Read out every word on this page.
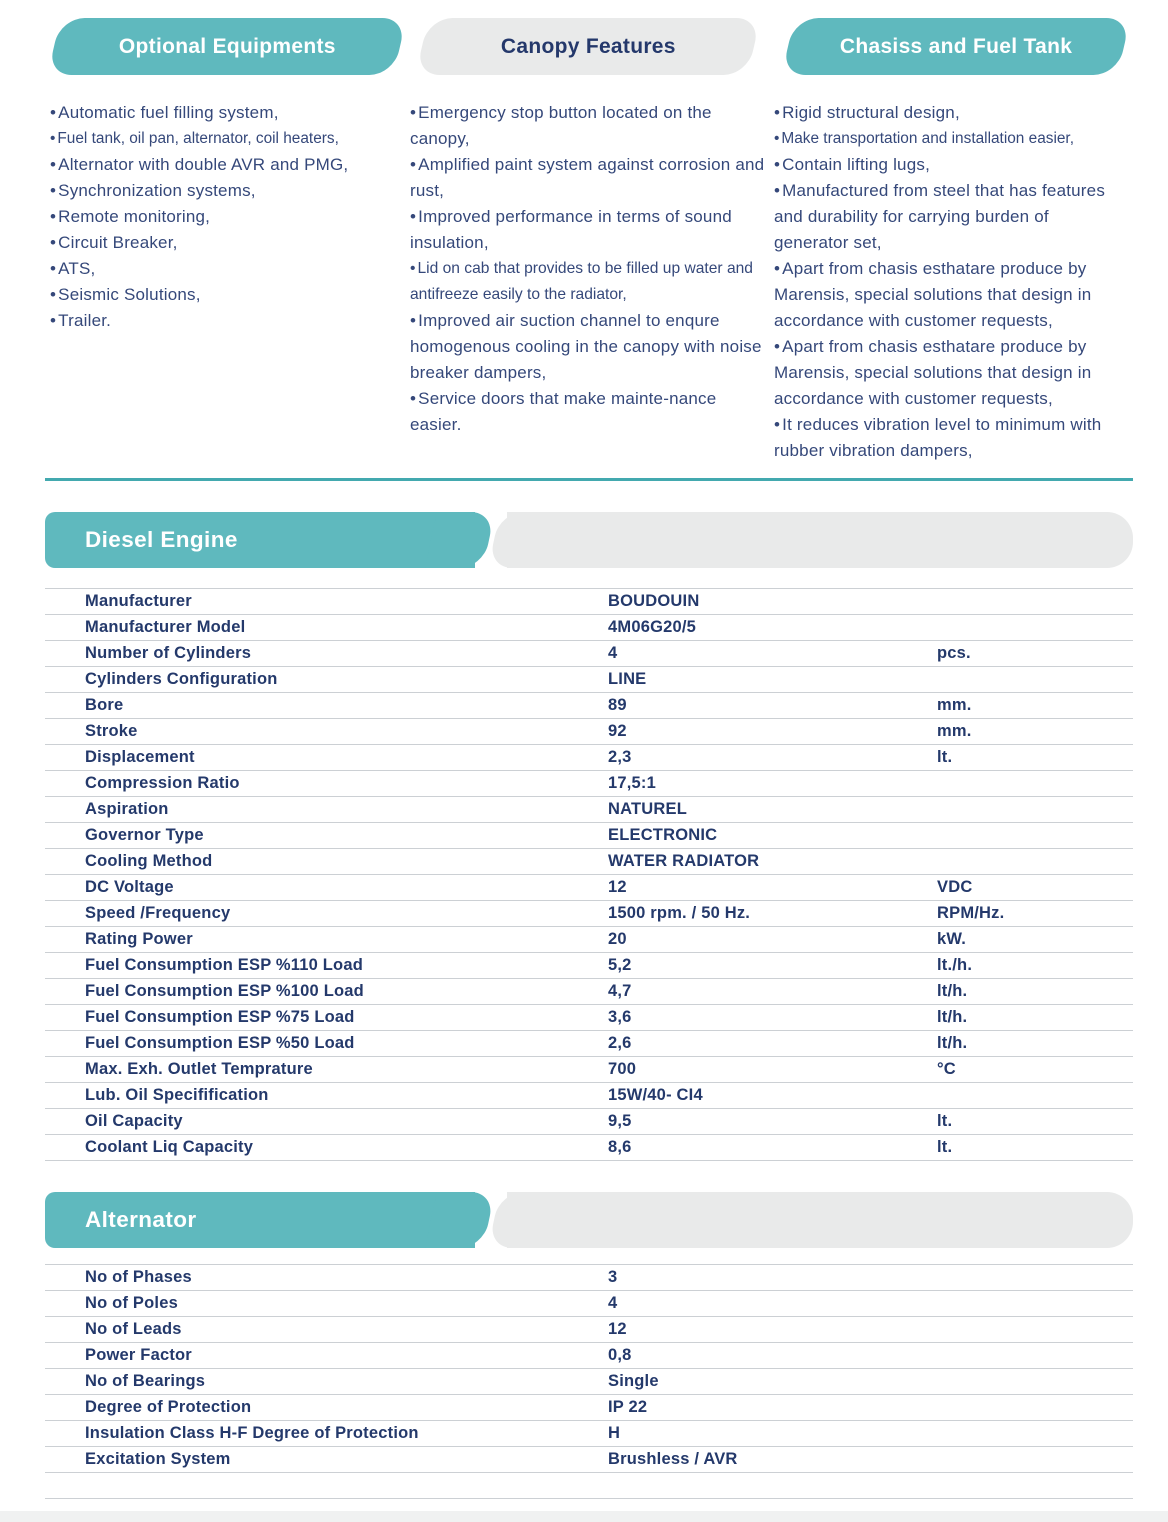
Optional Equipments
• Automatic fuel filling system,
• Fuel tank, oil pan, alternator, coil heaters,
• Alternator with double AVR and PMG,
• Synchronization systems,
• Remote monitoring,
• Circuit Breaker,
• ATS,
• Seismic Solutions,
• Trailer.
Canopy Features
• Emergency stop button located on the canopy,
• Amplified paint system against corrosion and rust,
• Improved performance in terms of sound insulation,
• Lid on cab that provides to be filled up water and antifreeze easily to the radiator,
• Improved air suction channel to enqure homogenous cooling in the canopy with noise breaker dampers,
• Service doors that make mainte-nance easier.
Chasiss and Fuel Tank
• Rigid structural design,
• Make transportation and installation easier,
• Contain lifting lugs,
• Manufactured from steel that has features and durability for carrying burden of generator set,
• Apart from chasis esthatare produce by Marensis, special solutions that design in accordance with customer requests,
• Apart from chasis esthatare produce by Marensis, special solutions that design in accordance with customer requests,
• It reduces vibration level to minimum with rubber vibration dampers,
Diesel Engine
Manufacturer	BOUDOUIN
Manufacturer Model	4M06G20/5
Number of Cylinders	4	pcs.
Cylinders Configuration	LINE
Bore	89	mm.
Stroke	92	mm.
Displacement	2,3	lt.
Compression Ratio	17,5:1
Aspiration	NATUREL
Governor Type	ELECTRONIC
Cooling Method	WATER RADIATOR
DC Voltage	12	VDC
Speed /Frequency	1500 rpm. / 50 Hz.	RPM/Hz.
Rating Power	20	kW.
Fuel Consumption ESP %110 Load	5,2	lt./h.
Fuel Consumption ESP %100 Load	4,7	lt/h.
Fuel Consumption ESP %75 Load	3,6	lt/h.
Fuel Consumption ESP %50 Load	2,6	lt/h.
Max. Exh. Outlet Temprature	700	°C
Lub. Oil Specifification	15W/40- CI4
Oil Capacity	9,5	lt.
Coolant Liq Capacity	8,6	lt.
Alternator
No of Phases	3
No of Poles	4
No of Leads	12
Power Factor	0,8
No of Bearings	Single
Degree of Protection	IP 22
Insulation Class H-F Degree of Protection	H
Excitation System	Brushless / AVR
